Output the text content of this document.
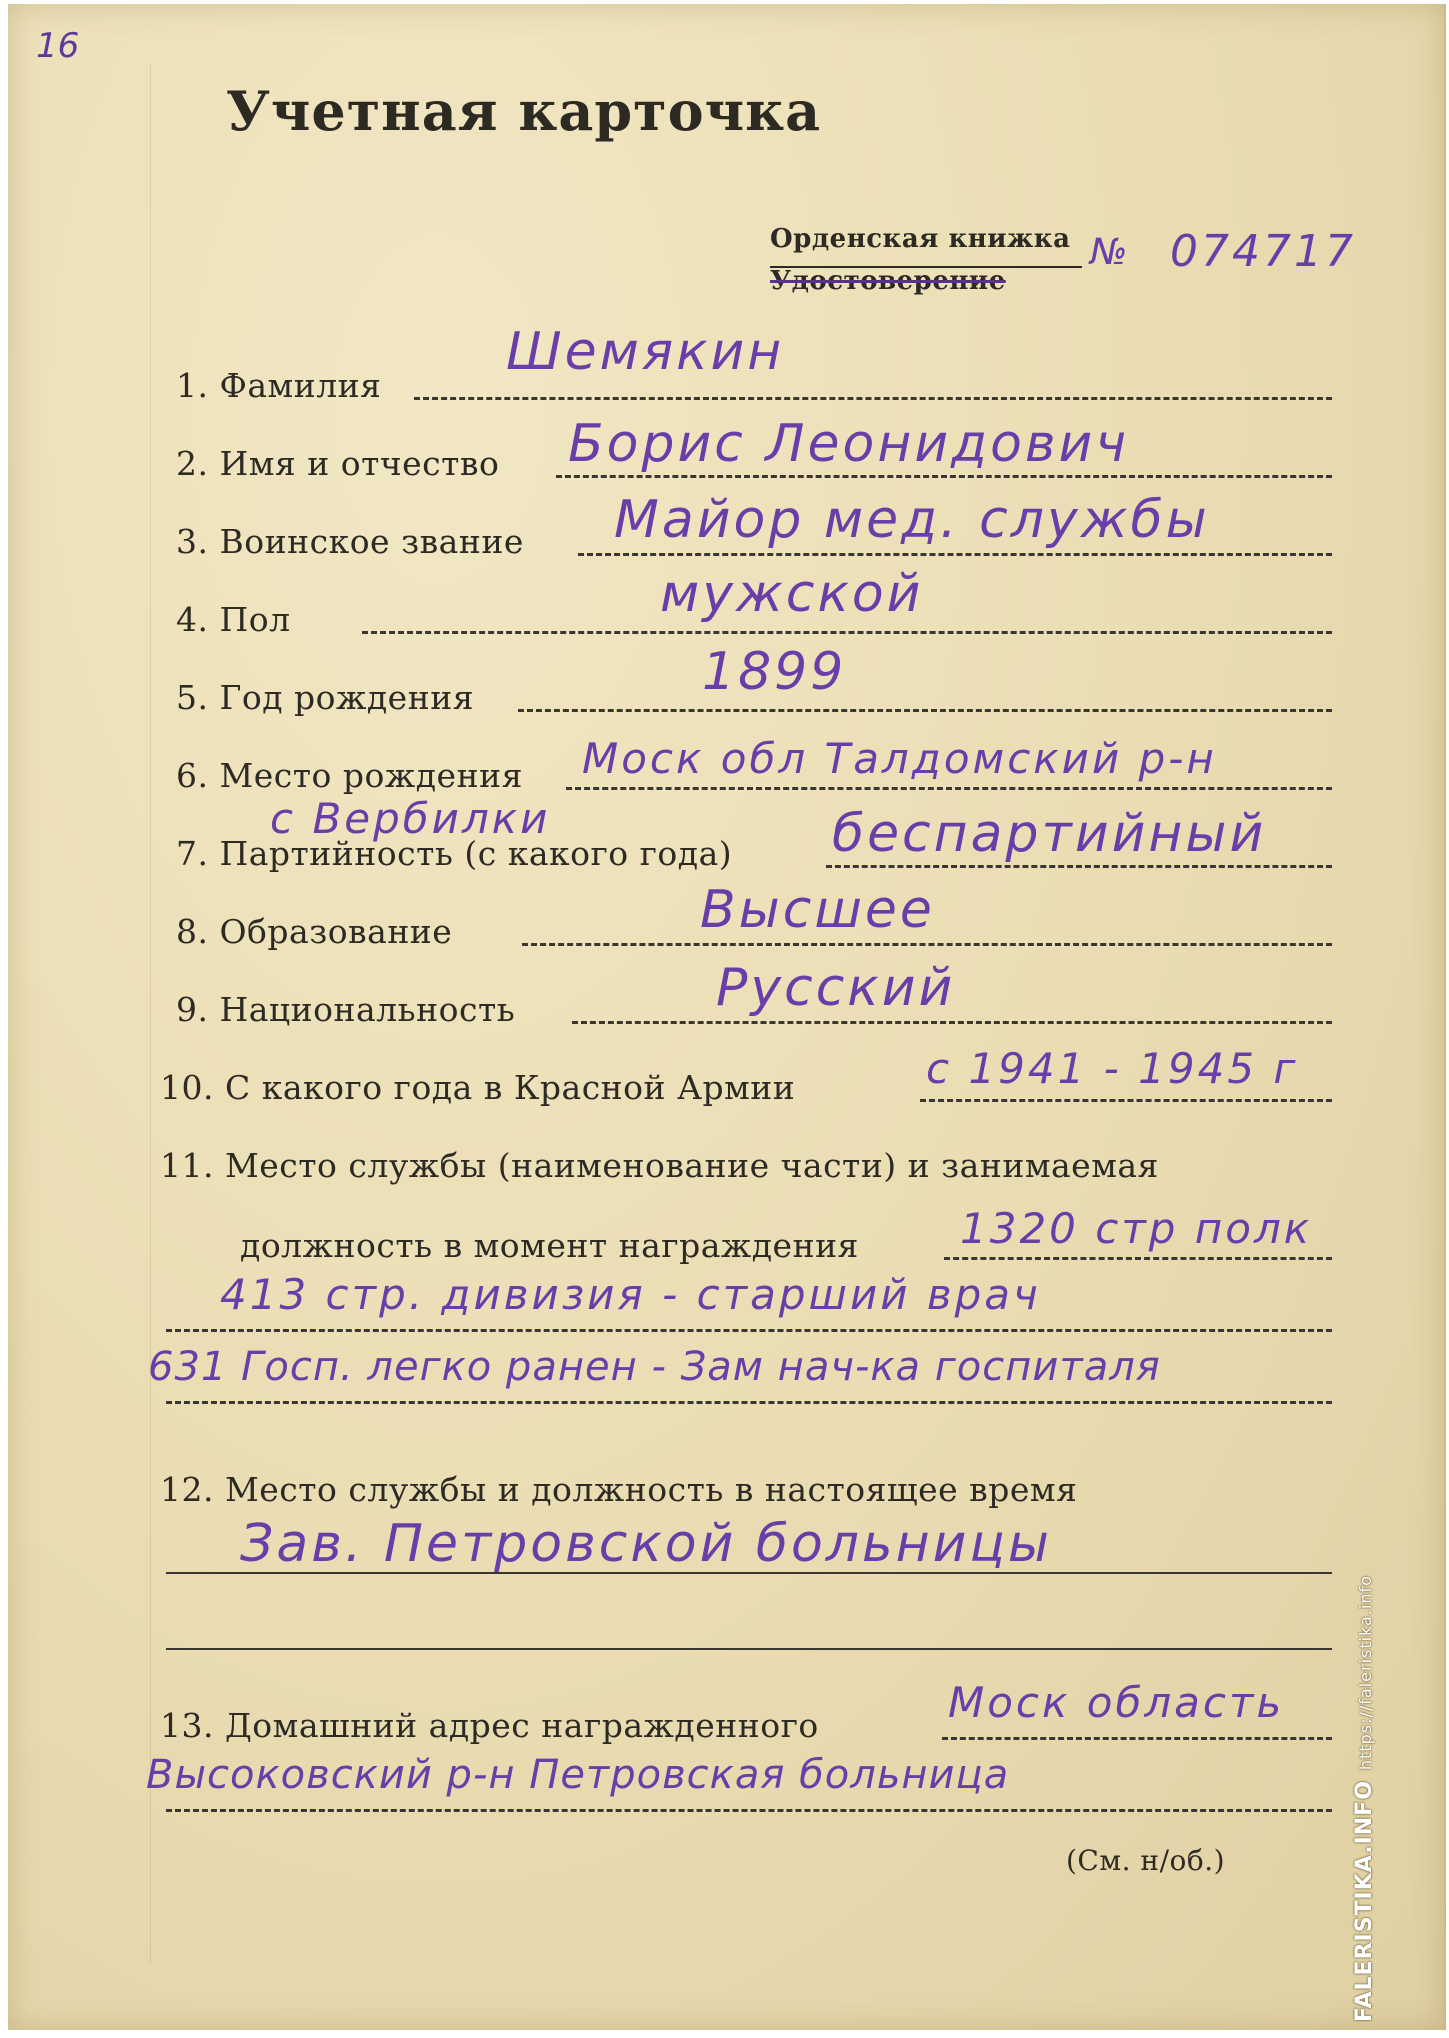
16
Учетная карточка
Орденская книжка
Удостоверение
№ 074717
1. Фамилия
Шемякин
2. Имя и отчество Борис Леонидович
3. Воинское звание Майор мед. службы
4. Пол	мужской
5. Год рождения	1899
6. Место рождения Моск обл Талдомский р-н
с Вербилки
7. Партийность (с какого года) беспартийный
8. Образование	Высшее
9. Национальность	Русский
10. С какого года в Красной Армии	с 1941 - 1945 г
11. Место службы (наименование части) и занимаемая
должность в момент награждения 1320 стр полк
413 стр. дивизия - старший врач
631 Госп. легко ранен - Зам нач-ка госпиталя
12. Место службы и должность в настоящее время
Зав. Петровской больницы
13. Домашний адрес награжденного	Моск область
Высоковский р-н Петровская больница
(См. н/об.)	FALERISTIKA.INFOhttps://faleristika.info
